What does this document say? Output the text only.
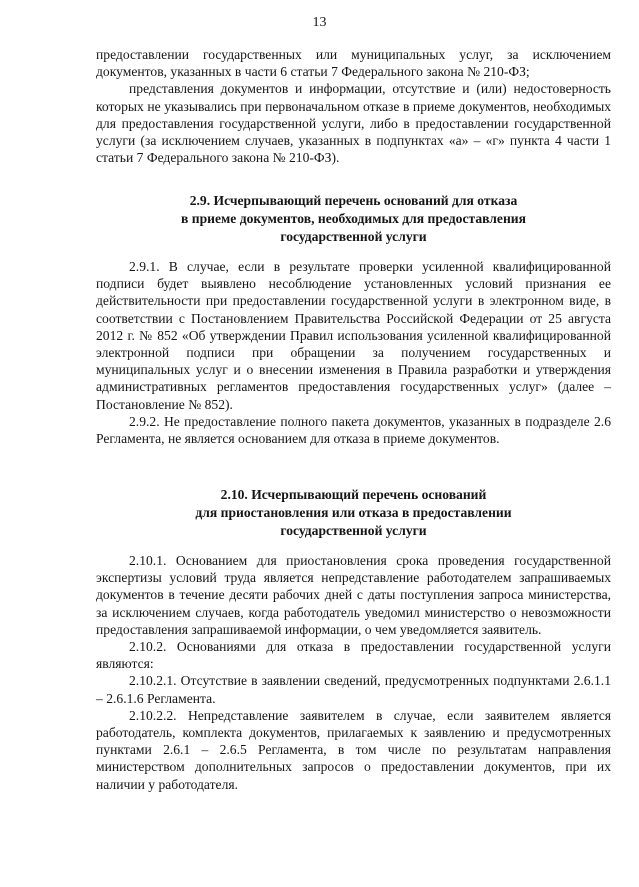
13

предоставлении государственных или муниципальных услуг, за исключением документов, указанных в части 6 статьи 7 Федерального закона № 210-ФЗ;

представления документов и информации, отсутствие и (или) недостоверность которых не указывались при первоначальном отказе в приеме документов, необходимых для предоставления государственной услуги, либо в предоставлении государственной услуги (за исключением случаев, указанных в подпунктах «а» – «г» пункта 4 части 1 статьи 7 Федерального закона № 210-ФЗ).

2.9. Исчерпывающий перечень оснований для отказа
в приеме документов, необходимых для предоставления
государственной услуги

2.9.1. В случае, если в результате проверки усиленной квалифицированной подписи будет выявлено несоблюдение установленных условий признания ее действительности при предоставлении государственной услуги в электронном виде, в соответствии с Постановлением Правительства Российской Федерации от 25 августа 2012 г. № 852 «Об утверждении Правил использования усиленной квалифицированной электронной подписи при обращении за получением государственных и муниципальных услуг и о внесении изменения в Правила разработки и утверждения административных регламентов предоставления государственных услуг» (далее – Постановление № 852).

2.9.2. Не предоставление полного пакета документов, указанных в подразделе 2.6 Регламента, не является основанием для отказа в приеме документов.

2.10. Исчерпывающий перечень оснований
для приостановления или отказа в предоставлении
государственной услуги

2.10.1. Основанием для приостановления срока проведения государственной экспертизы условий труда является непредставление работодателем запрашиваемых документов в течение десяти рабочих дней с даты поступления запроса министерства, за исключением случаев, когда работодатель уведомил министерство о невозможности предоставления запрашиваемой информации, о чем уведомляется заявитель.

2.10.2. Основаниями для отказа в предоставлении государственной услуги являются:

2.10.2.1. Отсутствие в заявлении сведений, предусмотренных подпунктами 2.6.1.1 – 2.6.1.6 Регламента.

2.10.2.2. Непредставление заявителем в случае, если заявителем является работодатель, комплекта документов, прилагаемых к заявлению и предусмотренных пунктами 2.6.1 – 2.6.5 Регламента, в том числе по результатам направления министерством дополнительных запросов о предоставлении документов, при их наличии у работодателя.
